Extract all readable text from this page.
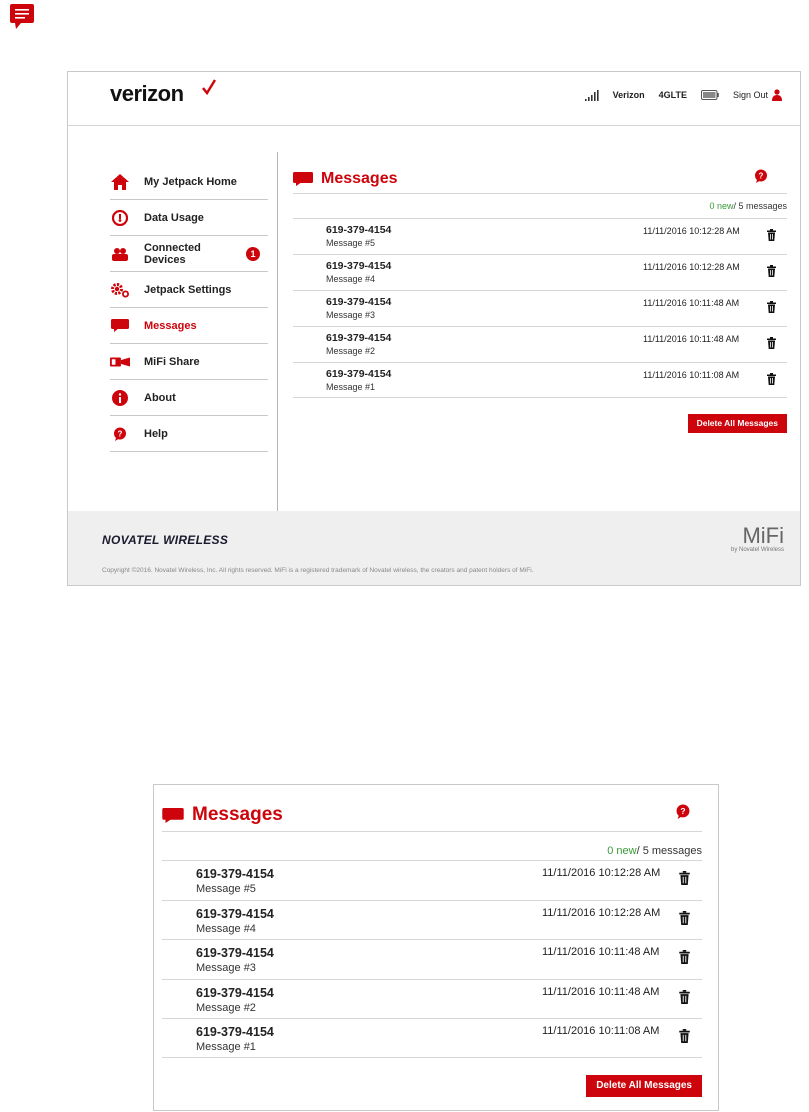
verizon	Verizon 4GLTE	Sign Out
My Jetpack Home
Data Usage
Connected Devices	1
Jetpack Settings
Messages
MiFi Share
About
? Help
Messages	?
0 new/ 5 messages
619-379-4154
Message #5
11/11/2016 10:12:28 AM
619-379-4154
Message #4
11/11/2016 10:12:28 AM
619-379-4154
Message #3
11/11/2016 10:11:48 AM
619-379-4154
Message #2
11/11/2016 10:11:48 AM
619-379-4154
Message #1
11/11/2016 10:11:08 AM
Delete All Messages
NOVATEL WIRELESS	MiFi
by Novatel Wireless
Copyright ©2016. Novatel Wireless, Inc. All rights reserved. MiFi is a registered trademark of Novatel wireless, the creators and patent holders of MiFi.
Messages	?
0 new/ 5 messages
619-379-4154
Message #5
11/11/2016 10:12:28 AM
619-379-4154
Message #4
11/11/2016 10:12:28 AM
619-379-4154
Message #3
11/11/2016 10:11:48 AM
619-379-4154
Message #2
11/11/2016 10:11:48 AM
619-379-4154
Message #1
11/11/2016 10:11:08 AM
Delete All Messages
